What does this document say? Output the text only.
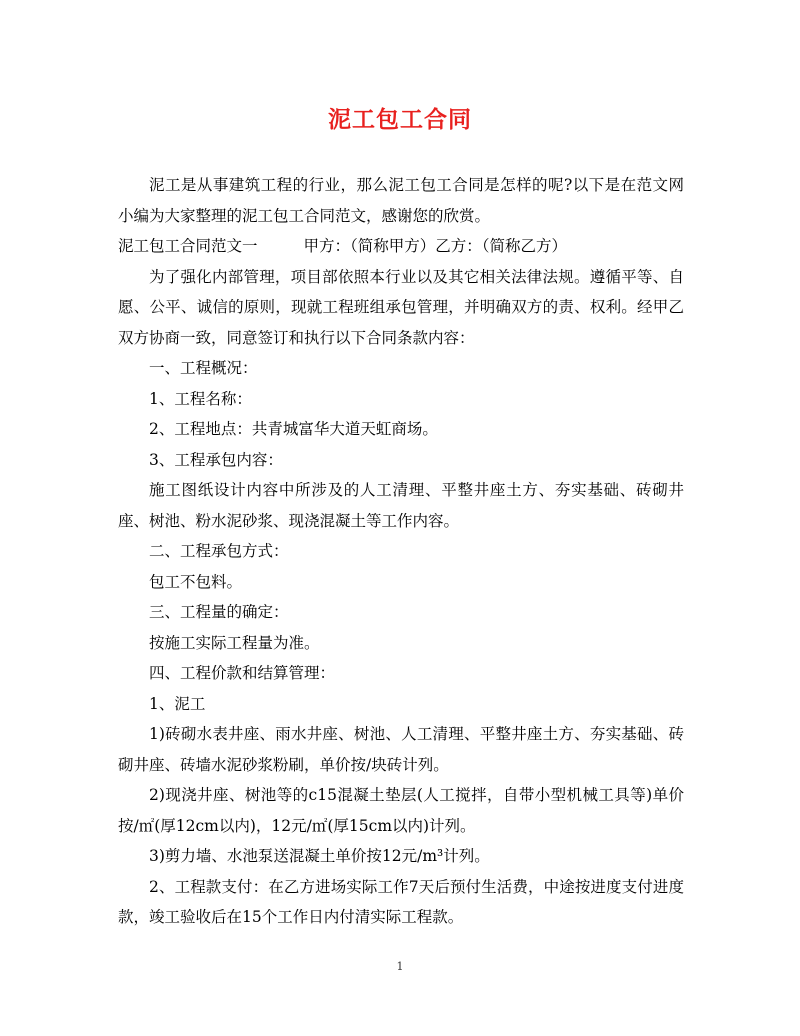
泥工包工合同

泥工是从事建筑工程的行业，那么泥工包工合同是怎样的呢?以下是在范文网小编为大家整理的泥工包工合同范文，感谢您的欣赏。

泥工包工合同范文一	甲方：（简称甲方）乙方：（简称乙方）

为了强化内部管理，项目部依照本行业以及其它相关法律法规。遵循平等、自愿、公平、诚信的原则，现就工程班组承包管理，并明确双方的责、权利。经甲乙双方协商一致，同意签订和执行以下合同条款内容：

一、工程概况：

1、工程名称：

2、工程地点：共青城富华大道天虹商场。

3、工程承包内容：

施工图纸设计内容中所涉及的人工清理、平整井座土方、夯实基础、砖砌井座、树池、粉水泥砂浆、现浇混凝土等工作内容。

二、工程承包方式：

包工不包料。

三、工程量的确定：

按施工实际工程量为准。

四、工程价款和结算管理：

1、泥工

1)砖砌水表井座、雨水井座、树池、人工清理、平整井座土方、夯实基础、砖砌井座、砖墙水泥砂浆粉刷，单价按/块砖计列。

2)现浇井座、树池等的c15混凝土垫层(人工搅拌，自带小型机械工具等)单价按/㎡(厚12cm以内)，12元/㎡(厚15cm以内)计列。

3)剪力墙、水池泵送混凝土单价按12元/m³计列。

2、工程款支付：在乙方进场实际工作7天后预付生活费，中途按进度支付进度款，竣工验收后在15个工作日内付清实际工程款。

1
